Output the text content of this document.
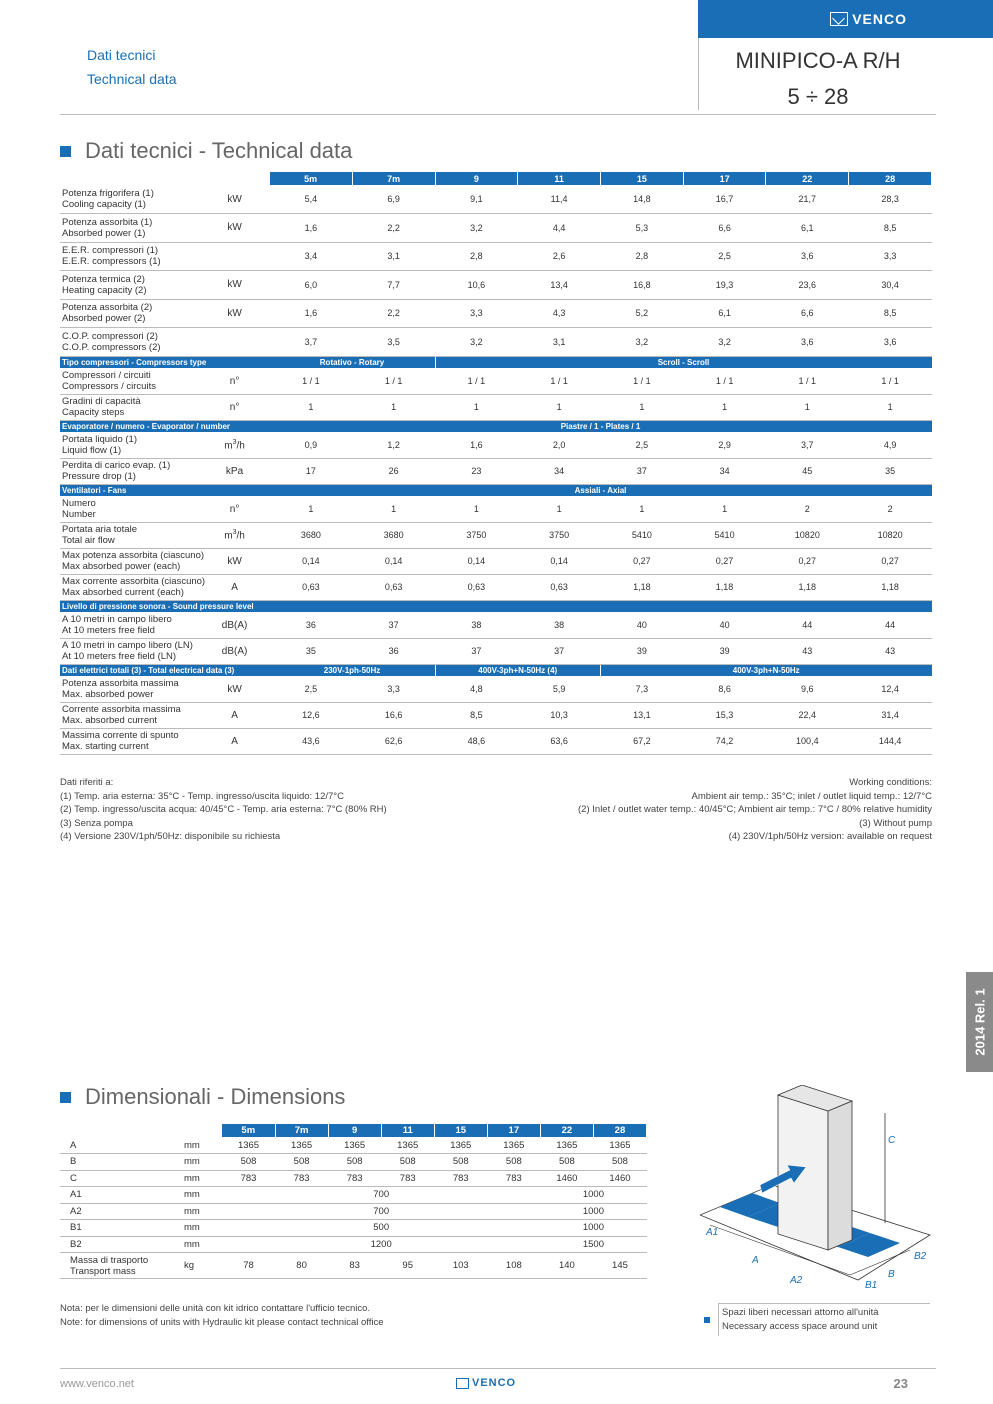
VENCO
Dati tecnici
Technical data
MINIPICO-A R/H
5 ÷ 28
Dati tecnici - Technical data
		5m	7m	9	11	15	17	22	28

Potenza frigorifera (1)
Cooling capacity (1)	kW	5,4	6,9	9,1	11,4	14,8	16,7	21,7	28,3

Potenza assorbita (1)
Absorbed power (1)	kW	1,6	2,2	3,2	4,4	5,3	6,6	6,1	8,5

E.E.R. compressori (1)
E.E.R. compressors (1)		3,4	3,1	2,8	2,6	2,8	2,5	3,6	3,3

Potenza termica (2)
Heating capacity (2)	kW	6,0	7,7	10,6	13,4	16,8	19,3	23,6	30,4

Potenza assorbita (2)
Absorbed power (2)	kW	1,6	2,2	3,3	4,3	5,2	6,1	6,6	8,5

C.O.P. compressori (2)
C.O.P. compressors (2)		3,7	3,5	3,2	3,1	3,2	3,2	3,6	3,6
Tipo compressori - Compressors type		Rotativo - Rotary		Scroll - Scroll					

Compressori / circuiti
Compressors / circuits	n°	1 / 1	1 / 1	1 / 1	1 / 1	1 / 1	1 / 1	1 / 1	1 / 1

Gradini di capacità
Capacity steps	n°	1	1	1	1	1	1	1	1
Evaporatore / numero - Evaporator / number		Piastre / 1 - Plates / 1							

Portata liquido (1)
Liquid flow (1)	$m^3/h$	0,9	1,2	1,6	2,0	2,5	2,9	3,7	4,9

Perdita di carico evap. (1)
Pressure drop (1)	kPa	17	26	23	34	37	34	45	35
Ventilatori - Fans		Assiali - Axial							

Numero
Number	n°	1	1	1	1	1	1	2	2

Portata aria totale
Total air flow	$m^3/h$	3680	3680	3750	3750	5410	5410	10820	10820

Max potenza assorbita (ciascuno)
Max absorbed power (each)	kW	0,14	0,14	0,14	0,14	0,27	0,27	0,27	0,27

Max corrente assorbita (ciascuno)
Max absorbed current (each)	A	0,63	0,63	0,63	0,63	1,18	1,18	1,18	1,18
Livello di pressione sonora - Sound pressure level									

A 10 metri in campo libero
At 10 meters free field	dB(A)	36	37	38	38	40	40	44	44

A 10 metri in campo libero (LN)
At 10 meters free field (LN)	dB(A)	35	36	37	37	39	39	43	43
Dati elettrici totali (3) - Total electrical data (3)		230V-1ph-50Hz		400V-3ph+N-50Hz (4)		400V-3ph+N-50Hz			

Potenza assorbita massima
Max. absorbed power	kW	2,5	3,3	4,8	5,9	7,3	8,6	9,6	12,4

Corrente assorbita massima
Max. absorbed current	A	12,6	16,6	8,5	10,3	13,1	15,3	22,4	31,4

Massima corrente di spunto
Max. starting current	A	43,6	62,6	48,6	63,6	67,2	74,2	100,4	144,4
Dati riferiti a:
(1) Temp. aria esterna: 35°C - Temp. ingresso/uscita liquido: 12/7°C
(2) Temp. ingresso/uscita acqua: 40/45°C - Temp. aria esterna: 7°C (80% RH)
(3) Senza pompa
(4) Versione 230V/1ph/50Hz: disponibile su richiesta
Working conditions:
Ambient air temp.: 35°C; inlet / outlet liquid temp.: 12/7°C
(2) Inlet / outlet water temp.: 40/45°C; Ambient air temp.: 7°C / 80% relative humidity
(3) Without pump
(4) 230V/1ph/50Hz version: available on request
2014 Rel. 1
Dimensionali - Dimensions
		5m	7m	9	11	15	17	22	28
A	mm	1365	1365	1365	1365	1365	1365	1365	1365
B	mm	508	508	508	508	508	508	508	508
C	mm	783	783	783	783	783	783	1460	1460
A1	mm	700						1000	
A2	mm	700						1000	
B1	mm	500						1000	
B2	mm	1200						1500	

Massa di trasporto
Transport mass	kg	78	80	83	95	103	108	140	145
Nota: per le dimensioni delle unità con kit idrico contattare l'ufficio tecnico.
Note: for dimensions of units with Hydraulic kit please contact technical office
C
A1
A
A2	B1
B
B2
Spazi liberi necessari attorno all'unità
Necessary access space around unit
www.venco.net	VENCO	23
